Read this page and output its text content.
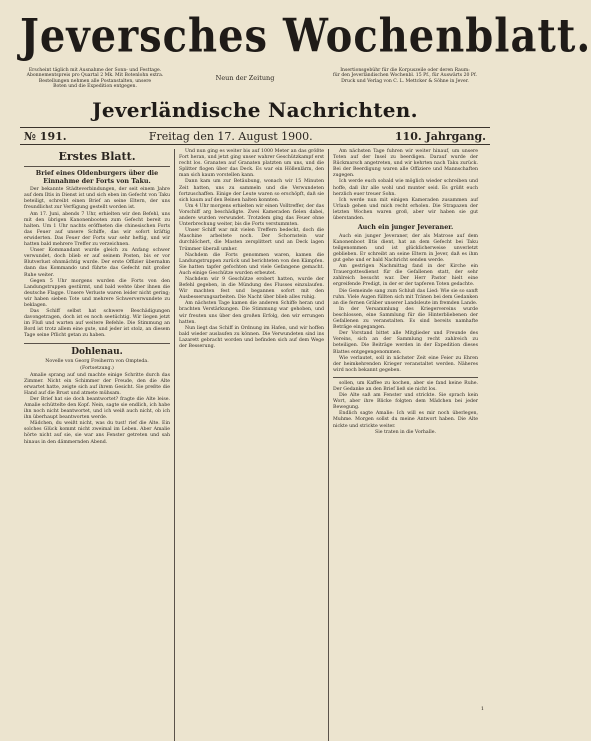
Jeversches Wochenblatt.
Erscheint täglich mit Ausnahme der Sonn- und Festtage.
Abonnementspreis pro Quartal 2 Mk. Mit Botenlohn extra.
Bestellungen nehmen alle Postanstalten, unsere
Boten und die Expedition entgegen.
Neun der Zeitung
Insertionsgebühr für die Korpuszeile oder deren Raum:
für den Jeverländischen Wochenbl. 15 Pf., für Auswärts 20 Pf.
Druck und Verlag von C. L. Mettcker & Söhne in Jever.
Jeverländische Nachrichten.
№ 191.	Freitag den 17. August 1900.	110. Jahrgang.
Erstes Blatt.
Brief eines Oldenburgers über die Einnahme der Forts von Taku.

Der bekannte Städteverbindungen, der seit einem Jahre auf dem Iltis in Dienst ist und sich eben im Gefecht von Taku beteiligt, schreibt einen Brief an seine Eltern, der uns freundlichst zur Verfügung gestellt worden ist.

Am 17. Juni, abends 7 Uhr, erhielten wir den Befehl, uns mit den übrigen Kanonenbooten zum Gefecht bereit zu halten. Um 1 Uhr nachts eröffneten die chinesischen Forts das Feuer auf unsere Schiffe, das wir sofort kräftig erwiderten. Das Feuer der Forts war sehr heftig, und wir hatten bald mehrere Treffer zu verzeichnen.

Unser Kommandant wurde gleich zu Anfang schwer verwundet, doch blieb er auf seinem Posten, bis er vor Blutverlust ohnmächtig wurde. Der erste Offizier übernahm dann das Kommando und führte das Gefecht mit großer Ruhe weiter.

Gegen 5 Uhr morgens wurden die Forts von den Landungstruppen gestürmt, und bald wehte über ihnen die deutsche Flagge. Unsere Verluste waren leider nicht gering; wir haben sieben Tote und mehrere Schwerverwundete zu beklagen.

Das Schiff selbst hat schwere Beschädigungen davongetragen, doch ist es noch seetüchtig. Wir liegen jetzt im Fluß und warten auf weitere Befehle. Die Stimmung an Bord ist trotz allem eine gute, und jeder ist stolz, an diesem Tage seine Pflicht getan zu haben.

Dohlenau.
Novelle von Georg Freiherrn von Ompteda.
(Fortsetzung.)

Amalie sprang auf und machte einige Schritte durch das Zimmer. Nicht ein Schimmer der Freude, den die Alte erwartet hatte, zeigte sich auf ihrem Gesicht. Sie preßte die Hand auf die Brust und atmete mühsam.

Der Brief hat sie doch beantwortet? fragte die Alte leise. Amalie schüttelte den Kopf. Nein, sagte sie endlich, ich habe ihn noch nicht beantwortet, und ich weiß auch nicht, ob ich ihn überhaupt beantworten werde.

Mädchen, du weißt nicht, was du tust! rief die Alte. Ein solches Glück kommt nicht zweimal im Leben. Aber Amalie hörte nicht auf sie, sie war ans Fenster getreten und sah hinaus in den dämmernden Abend.

Und nun ging es weiter bis auf 1000 Meter an das größte Fort heran, und jetzt ging unser wahrer Geschützkampf erst recht los. Granaten auf Granaten platzten um uns, und die Splitter flogen über das Deck. Es war ein Höllenlärm, den man sich kaum vorstellen kann.

Dann kam um zur Betäubung, wonach wir 15 Minuten Zeit hatten, uns zu sammeln und die Verwundeten fortzuschaffen. Einige der Leute waren so erschöpft, daß sie sich kaum auf den Beinen halten konnten.

Um 4 Uhr morgens erhielten wir einen Volltreffer, der das Vorschiff arg beschädigte. Zwei Kameraden fielen dabei, andere wurden verwundet. Trotzdem ging das Feuer ohne Unterbrechung weiter, bis die Forts verstummten.

Unser Schiff war mit vielen Treffern bedeckt, doch die Maschine arbeitete noch. Der Schornstein war durchlöchert, die Masten zersplittert und an Deck lagen Trümmer überall umher.

Nachdem die Forts genommen waren, kamen die Landungstruppen zurück und berichteten von den Kämpfen. Sie hatten tapfer gefochten und viele Gefangene gemacht. Auch einige Geschütze wurden erbeutet.

Nachdem wir 9 Geschütze erobert hatten, wurde der Befehl gegeben, in die Mündung des Flusses einzulaufen. Wir machten fest und begannen sofort mit den Ausbesserungsarbeiten. Die Nacht über blieb alles ruhig.

Am nächsten Tage kamen die anderen Schiffe heran und brachten Verstärkungen. Die Stimmung war gehoben, und wir freuten uns über den großen Erfolg, den wir errungen hatten.

Nun liegt das Schiff in Ordnung im Hafen, und wir hoffen bald wieder auslaufen zu können. Die Verwundeten sind ins Lazarett gebracht worden und befinden sich auf dem Wege der Besserung.

Am nächsten Tage fuhren wir weiter hinauf, um unsere Toten auf der Insel zu beerdigen. Darauf wurde der Rückmarsch angetreten, und wir kehrten nach Taku zurück. Bei der Beerdigung waren alle Offiziere und Mannschaften zugegen.

Ich werde euch sobald wie möglich wieder schreiben und hoffe, daß ihr alle wohl und munter seid. Es grüßt euch herzlich euer treuer Sohn.

Ich werde nun mit einigen Kameraden zusammen auf Urlaub gehen und mich recht erholen. Die Strapazen der letzten Wochen waren groß, aber wir haben sie gut überstanden.

Auch ein junger Jeveraner.

Auch ein junger Jeveraner, der als Matrose auf dem Kanonenboot Iltis dient, hat an dem Gefecht bei Taku teilgenommen und ist glücklicherweise unverletzt geblieben. Er schreibt an seine Eltern in Jever, daß es ihm gut gehe und er bald Nachricht senden werde.

Am gestrigen Nachmittag fand in der Kirche ein Trauergottesdienst für die Gefallenen statt, der sehr zahlreich besucht war. Der Herr Pastor hielt eine ergreifende Predigt, in der er der tapferen Toten gedachte.

Die Gemeinde sang zum Schluß das Lied: Wie sie so sanft ruhn. Viele Augen füllten sich mit Tränen bei dem Gedanken an die fernen Gräber unserer Landsleute im fremden Lande.

In der Versammlung des Kriegervereins wurde beschlossen, eine Sammlung für die Hinterbliebenen der Gefallenen zu veranstalten. Es sind bereits namhafte Beträge eingegangen.

Der Vorstand bittet alle Mitglieder und Freunde des Vereins, sich an der Sammlung recht zahlreich zu beteiligen. Die Beiträge werden in der Expedition dieses Blattes entgegengenommen.

Wie verlautet, soll in nächster Zeit eine Feier zu Ehren der heimkehrenden Krieger veranstaltet werden. Näheres wird noch bekannt gegeben.

sollen, um Kaffee zu kochen, aber sie fand keine Ruhe. Der Gedanke an den Brief ließ sie nicht los.

Die Alte saß am Fenster und strickte. Sie sprach kein Wort, aber ihre Blicke folgten dem Mädchen bei jeder Bewegung.

Endlich sagte Amalie: Ich will es mir noch überlegen, Muhme. Morgen sollst du meine Antwort haben. Die Alte nickte und strickte weiter.

Sie traten in die Vorhalle.

1
